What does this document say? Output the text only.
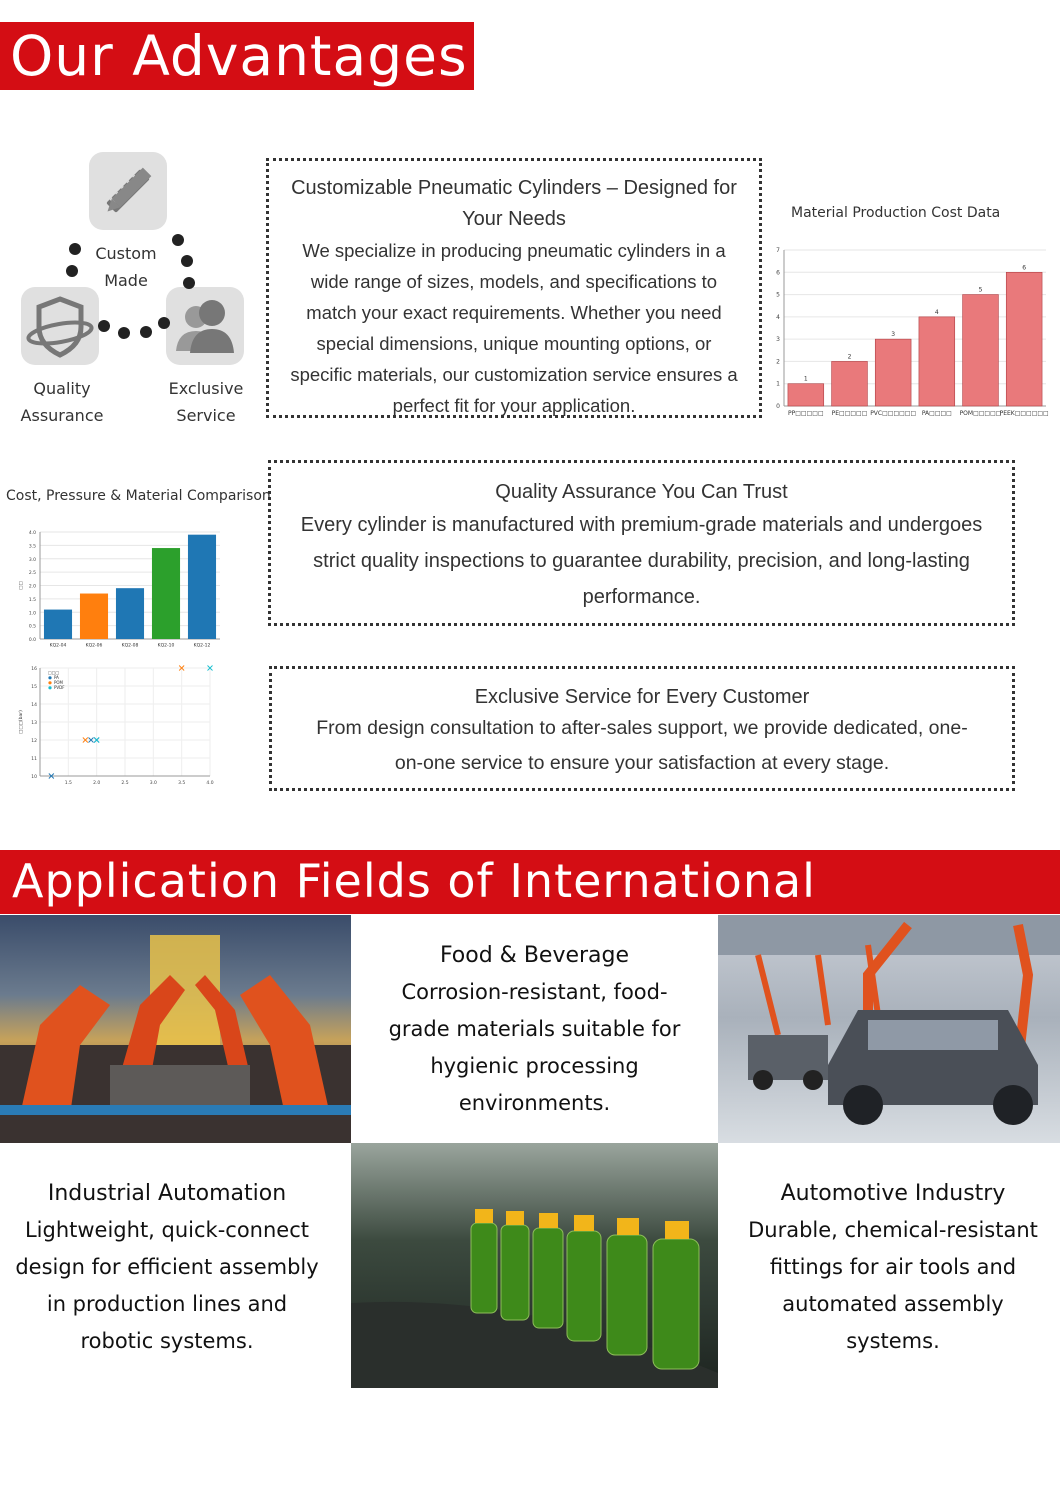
Our Advantages
Custom
Made
Quality
Assurance
Exclusive
Service
Customizable Pneumatic Cylinders – Designed for Your Needs

We specialize in producing pneumatic cylinders in a wide range of sizes, models, and specifications to match your exact requirements. Whether you need special dimensions, unique mounting options, or specific materials, our customization service ensures a perfect fit for your application.

Material Production Cost Data
0
1
2
3
4
5
6
7
1
PP□□□□□
2
PE□□□□□
3
PVC□□□□□□
4
PA□□□□
5
POM□□□□□
6
PEEK□□□□□□
Cost, Pressure & Material Comparison
0.0
0.5
1.0
1.5
2.0
2.5
3.0
3.5
4.0
KQ2-04	KQ2-06	KQ2-08	KQ2-10	KQ2-12
□□
10
11
12
13
14
15
16
1.5	2.0	2.5	3.0	3.5	4.0
□□□(bar)
□□□
PA
POM
PVDF
Quality Assurance You Can Trust

Every cylinder is manufactured with premium-grade materials and undergoes strict quality inspections to guarantee durability, precision, and long-lasting performance.

Exclusive Service for Every Customer

From design consultation to after-sales support, we provide dedicated, one-on-one service to ensure your satisfaction at every stage.

Application Fields of International
Food & Beverage

Corrosion-resistant, food-grade materials suitable for hygienic processing environments.

Industrial Automation

Lightweight, quick-connect design for efficient assembly in production lines and robotic systems.

Automotive Industry

Durable, chemical-resistant fittings for air tools and automated assembly systems.
